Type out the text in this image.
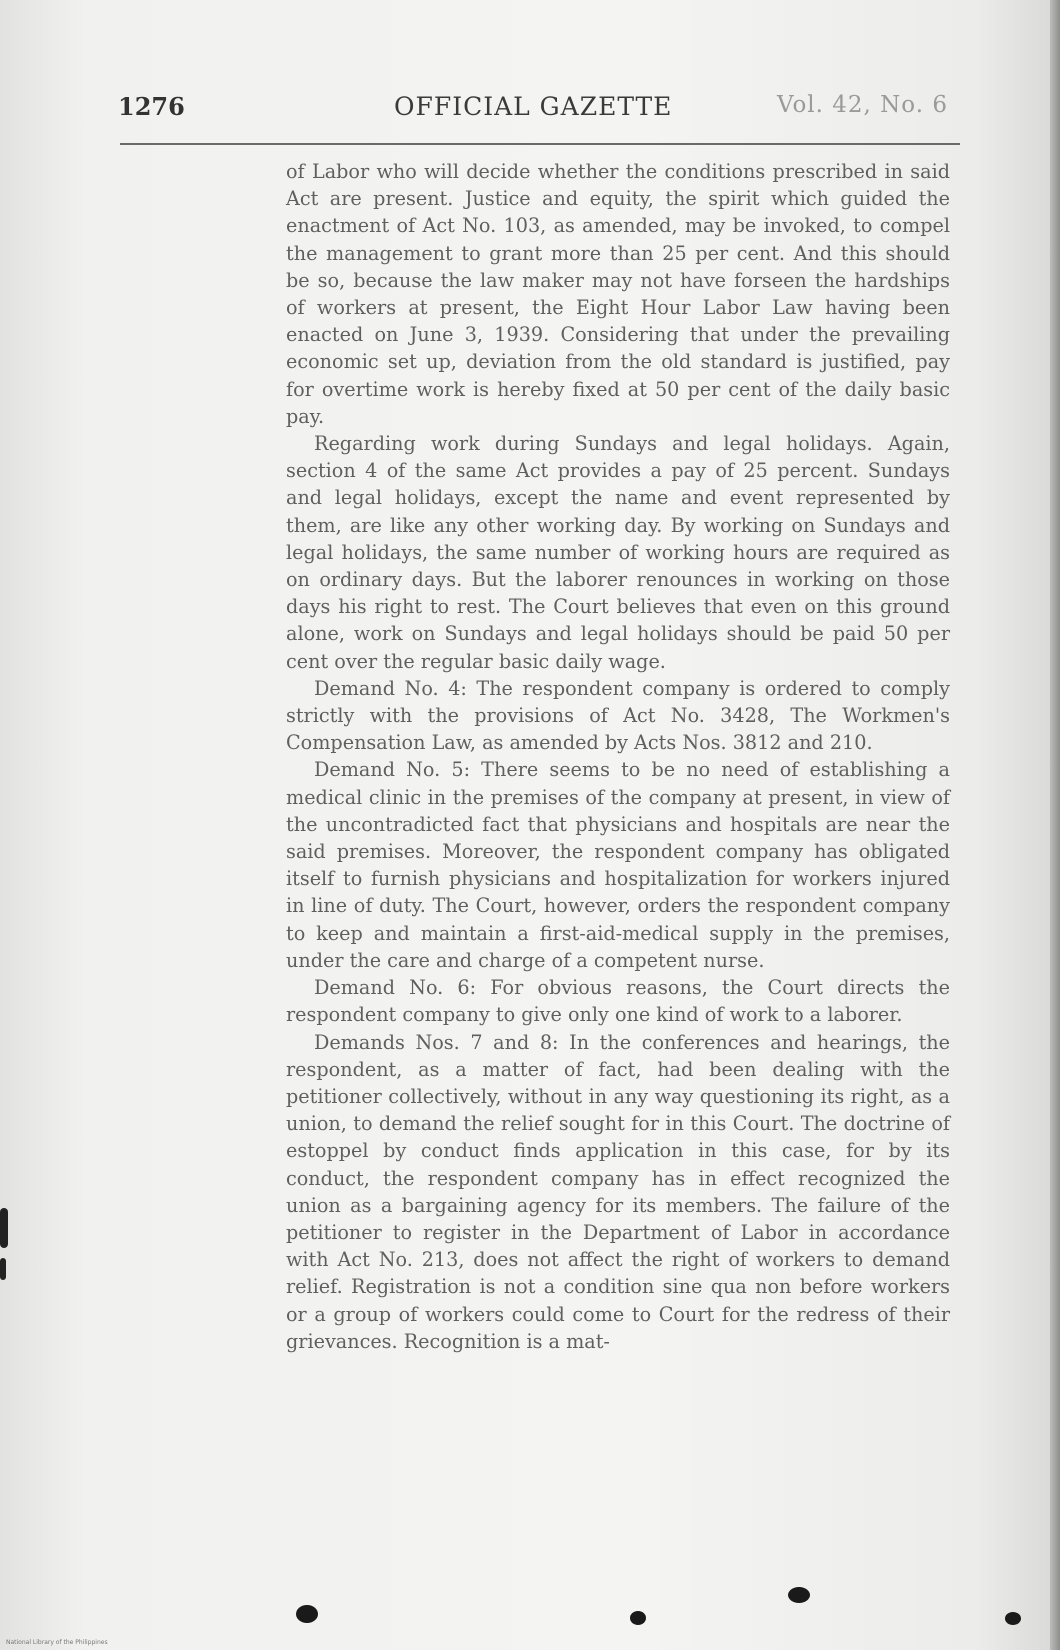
1276	OFFICIAL GAZETTE	Vol. 42, No. 6

of Labor who will decide whether the conditions prescribed in said Act are present. Justice and equity, the spirit which guided the enactment of Act No. 103, as amended, may be invoked, to compel the management to grant more than 25 per cent. And this should be so, because the law maker may not have forseen the hardships of workers at present, the Eight Hour Labor Law having been enacted on June 3, 1939. Considering that under the prevailing economic set up, deviation from the old standard is justified, pay for overtime work is hereby fixed at 50 per cent of the daily basic pay.

Regarding work during Sundays and legal holidays. Again, section 4 of the same Act provides a pay of 25 percent. Sundays and legal holidays, except the name and event represented by them, are like any other working day. By working on Sundays and legal holidays, the same number of working hours are required as on ordinary days. But the laborer renounces in working on those days his right to rest. The Court believes that even on this ground alone, work on Sundays and legal holidays should be paid 50 per cent over the regular basic daily wage.

Demand No. 4: The respondent company is ordered to comply strictly with the provisions of Act No. 3428, The Workmen's Compensation Law, as amended by Acts Nos. 3812 and 210.

Demand No. 5: There seems to be no need of establishing a medical clinic in the premises of the company at present, in view of the uncontradicted fact that physicians and hospitals are near the said premises. Moreover, the respondent company has obligated itself to furnish physicians and hospitalization for workers injured in line of duty. The Court, however, orders the respondent company to keep and maintain a first-aid-medical supply in the premises, under the care and charge of a competent nurse.

Demand No. 6: For obvious reasons, the Court directs the respondent company to give only one kind of work to a laborer.

Demands Nos. 7 and 8: In the conferences and hearings, the respondent, as a matter of fact, had been dealing with the petitioner collectively, without in any way questioning its right, as a union, to demand the relief sought for in this Court. The doctrine of estoppel by conduct finds application in this case, for by its conduct, the respondent company has in effect recognized the union as a bargaining agency for its members. The failure of the petitioner to register in the Department of Labor in accordance with Act No. 213, does not affect the right of workers to demand relief. Registration is not a condition sine qua non before workers or a group of workers could come to Court for the redress of their grievances. Recognition is a mat-

National Library of the Philippines
